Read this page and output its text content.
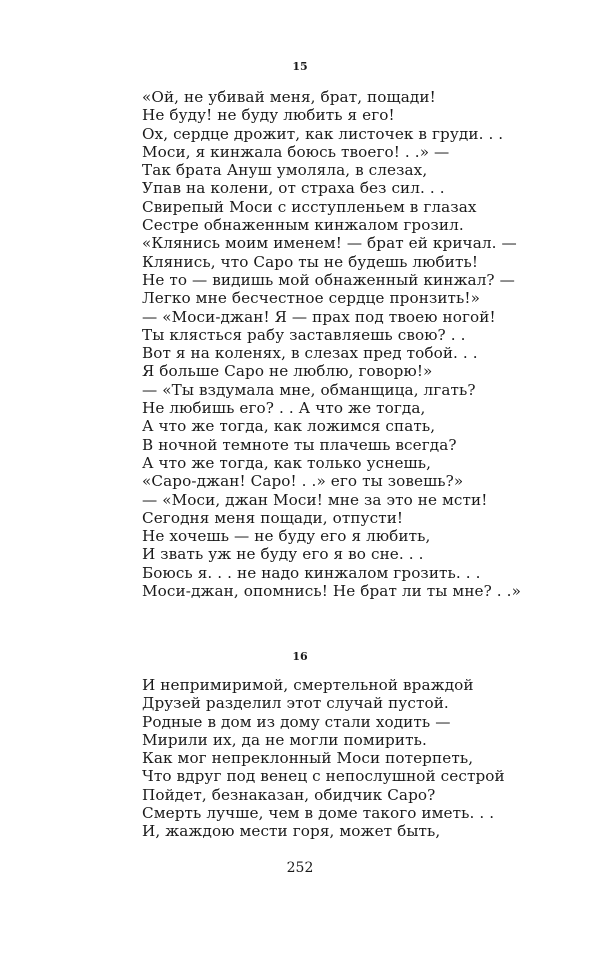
15
«Ой, не убивай меня, брат, пощади!
Не буду! не буду любить я его!
Ох, сердце дрожит, как листочек в груди. . .
Моси, я кинжала боюсь твоего! . .» —
Так брата Ануш умоляла, в слезах,
Упав на колени, от страха без сил. . .
Свирепый Моси с исступленьем в глазах
Сестре обнаженным кинжалом грозил.
«Клянись моим именем! — брат ей кричал. —
Клянись, что Саро ты не будешь любить!
Не то — видишь мой обнаженный кинжал? —
Легко мне бесчестное сердце пронзить!»
— «Моси-джан! Я — прах под твоею ногой!
Ты клясться рабу заставляешь свою? . .
Вот я на коленях, в слезах пред тобой. . .
Я больше Саро не люблю, говорю!»
— «Ты вздумала мне, обманщица, лгать?
Не любишь его? . . А что же тогда,
А что же тогда, как ложимся спать,
В ночной темноте ты плачешь всегда?
А что же тогда, как только уснешь,
«Саро-джан! Саро! . .» его ты зовешь?»
— «Моси, джан Моси! мне за это не мсти!
Сегодня меня пощади, отпусти!
Не хочешь — не буду его я любить,
И звать уж не буду его я во сне. . .
Боюсь я. . . не надо кинжалом грозить. . .
Моси-джан, опомнись! Не брат ли ты мне? . .»
16
И непримиримой, смертельной враждой
Друзей разделил этот случай пустой.
Родные в дом из дому стали ходить —
Мирили их, да не могли помирить.
Как мог непреклонный Моси потерпеть,
Что вдруг под венец с непослушной сестрой
Пойдет, безнаказан, обидчик Саро?
Смерть лучше, чем в доме такого иметь. . .
И, жаждою мести горя, может быть,
252
